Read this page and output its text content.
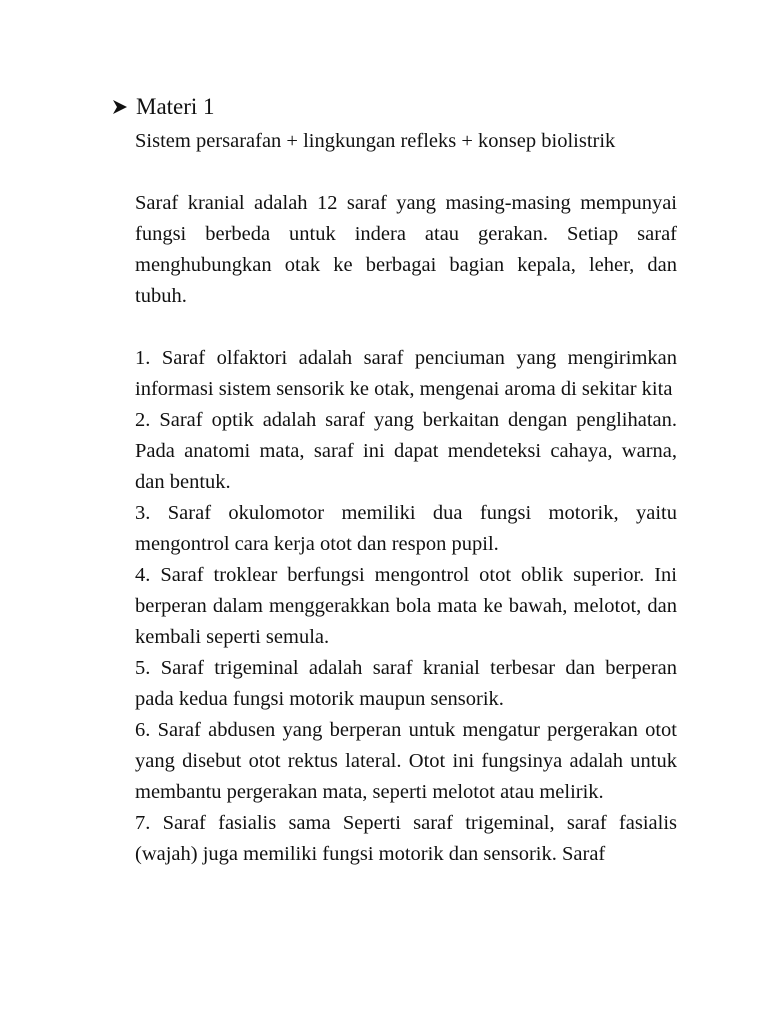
Materi 1

Sistem persarafan + lingkungan refleks + konsep biolistrik

Saraf kranial adalah 12 saraf yang masing-masing mempunyai fungsi berbeda untuk indera atau gerakan. Setiap saraf menghubungkan otak ke berbagai bagian kepala, leher, dan tubuh.

1. Saraf olfaktori adalah saraf penciuman yang mengirimkan informasi sistem sensorik ke otak, mengenai aroma di sekitar kita
2. Saraf optik adalah saraf yang berkaitan dengan penglihatan. Pada anatomi mata, saraf ini dapat mendeteksi cahaya, warna, dan bentuk.
3. Saraf okulomotor memiliki dua fungsi motorik, yaitu mengontrol cara kerja otot dan respon pupil.
4. Saraf troklear berfungsi mengontrol otot oblik superior. Ini berperan dalam menggerakkan bola mata ke bawah, melotot, dan kembali seperti semula.
5. Saraf trigeminal adalah saraf kranial terbesar dan berperan pada kedua fungsi motorik maupun sensorik.
6. Saraf abdusen yang berperan untuk mengatur pergerakan otot yang disebut otot rektus lateral. Otot ini fungsinya adalah untuk membantu pergerakan mata, seperti melotot atau melirik.
7. Saraf fasialis sama Seperti saraf trigeminal, saraf fasialis (wajah) juga memiliki fungsi motorik dan sensorik. Saraf
